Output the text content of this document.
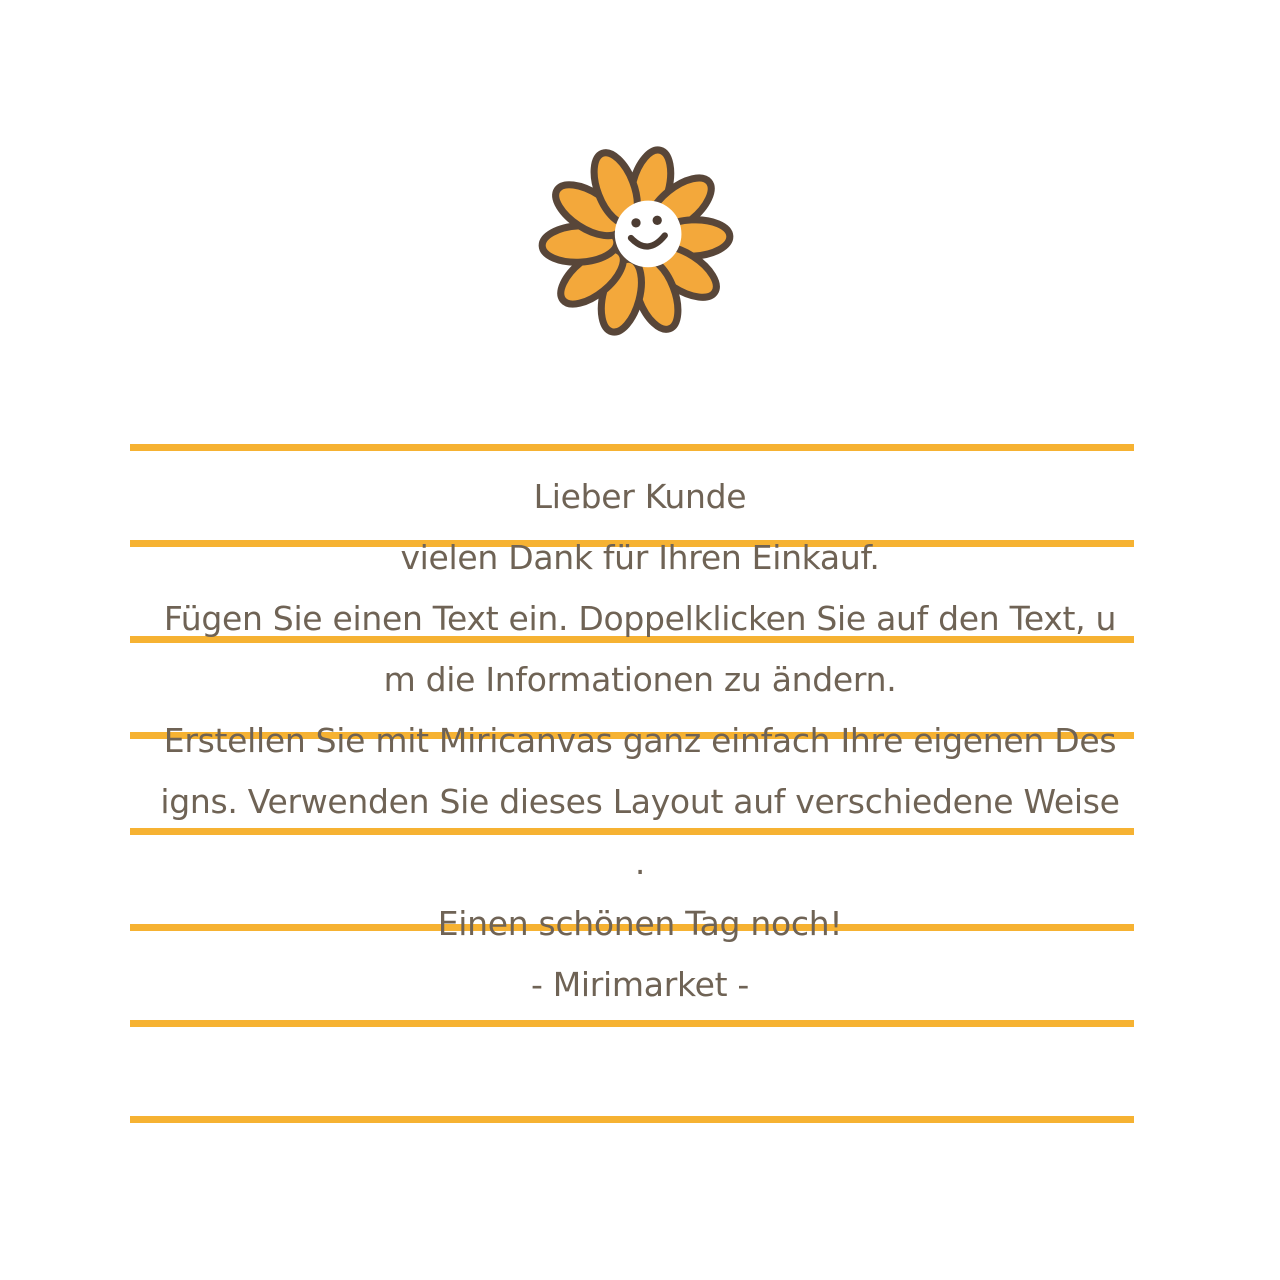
Lieber Kunde
vielen Dank für Ihren Einkauf.
Fügen Sie einen Text ein. Doppelklicken Sie auf den Text, u
m die Informationen zu ändern.
Erstellen Sie mit Miricanvas ganz einfach Ihre eigenen Des
igns. Verwenden Sie dieses Layout auf verschiedene Weise
.
Einen schönen Tag noch!
- Mirimarket -
